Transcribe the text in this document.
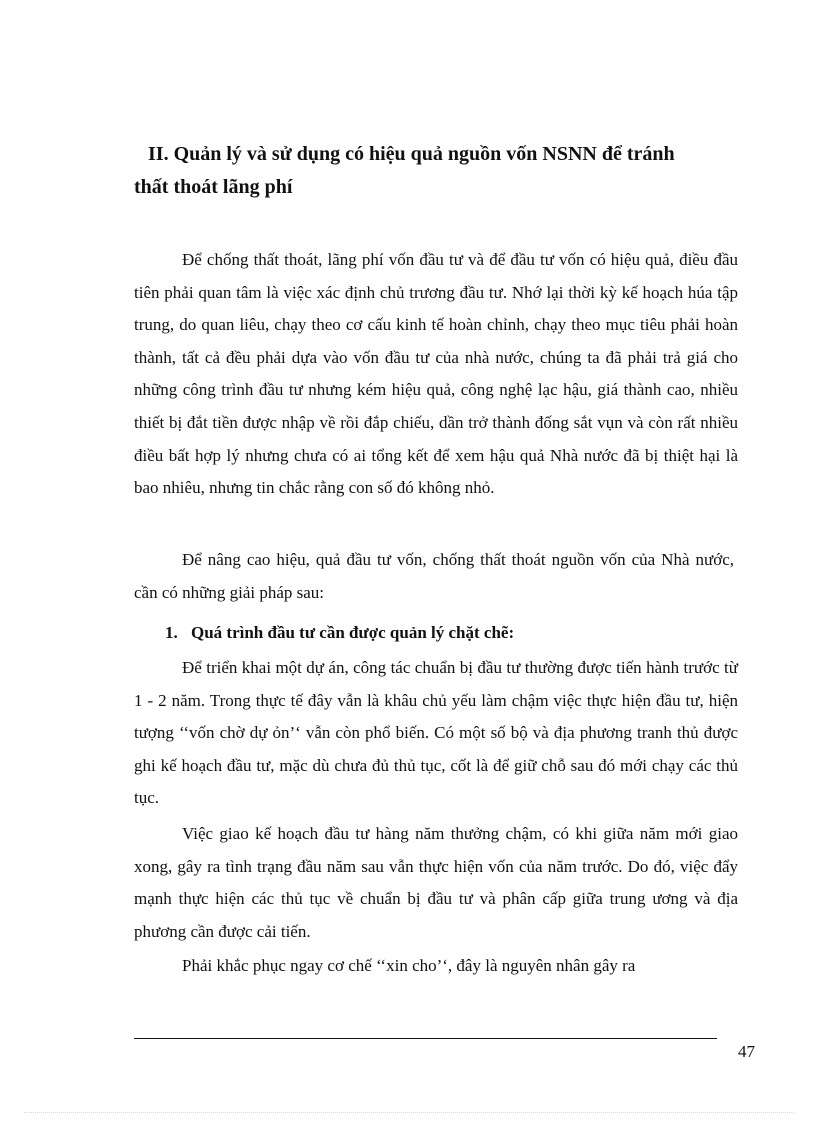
II. Quản lý và sử dụng có hiệu quả nguồn vốn NSNN để tránh
thất thoát lãng phí

Để chống thất thoát, lãng phí vốn đầu tư và để đầu tư vốn có hiệu quả, điều đầu tiên phải quan tâm là việc xác định chủ trương đầu tư. Nhớ lại thời kỳ kế hoạch húa tập trung, do quan liêu, chạy theo cơ cấu kinh tế hoàn chỉnh, chạy theo mục tiêu phải hoàn thành, tất cả đều phải dựa vào vốn đầu tư của nhà nước, chúng ta đã phải trả giá cho những công trình đầu tư nhưng kém hiệu quả, công nghệ lạc hậu, giá thành cao, nhiều thiết bị đắt tiền được nhập về rồi đắp chiếu, dần trở thành đống sắt vụn và còn rất nhiều điều bất hợp lý nhưng chưa có ai tổng kết để xem hậu quả Nhà nước đã bị thiệt hại là bao nhiêu, nhưng tin chắc rằng con số đó không nhỏ.

Để nâng cao hiệu, quả đầu tư vốn, chống thất thoát nguồn vốn của Nhà nước, cần có những giải pháp sau:

1. Quá trình đầu tư cần được quản lý chặt chẽ:

Để triển khai một dự án, công tác chuẩn bị đầu tư thường được tiến hành trước từ 1 - 2 năm. Trong thực tế đây vẫn là khâu chủ yếu làm chậm việc thực hiện đầu tư, hiện tượng ‘‘vốn chờ dự ỏn’‘ vẫn còn phổ biến. Có một số bộ và địa phương tranh thủ được ghi kế hoạch đầu tư, mặc dù chưa đủ thủ tục, cốt là để giữ chỗ sau đó mới chạy các thủ tục.

Việc giao kế hoạch đầu tư hàng năm thưởng chậm, có khi giữa năm mới giao xong, gây ra tình trạng đầu năm sau vẫn thực hiện vốn của năm trước. Do đó, việc đẩy mạnh thực hiện các thủ tục về chuẩn bị đầu tư và phân cấp giữa trung ương và địa phương cần được cải tiến.

Phải khắc phục ngay cơ chế ‘‘xin cho’‘, đây là nguyên nhân gây ra

47
